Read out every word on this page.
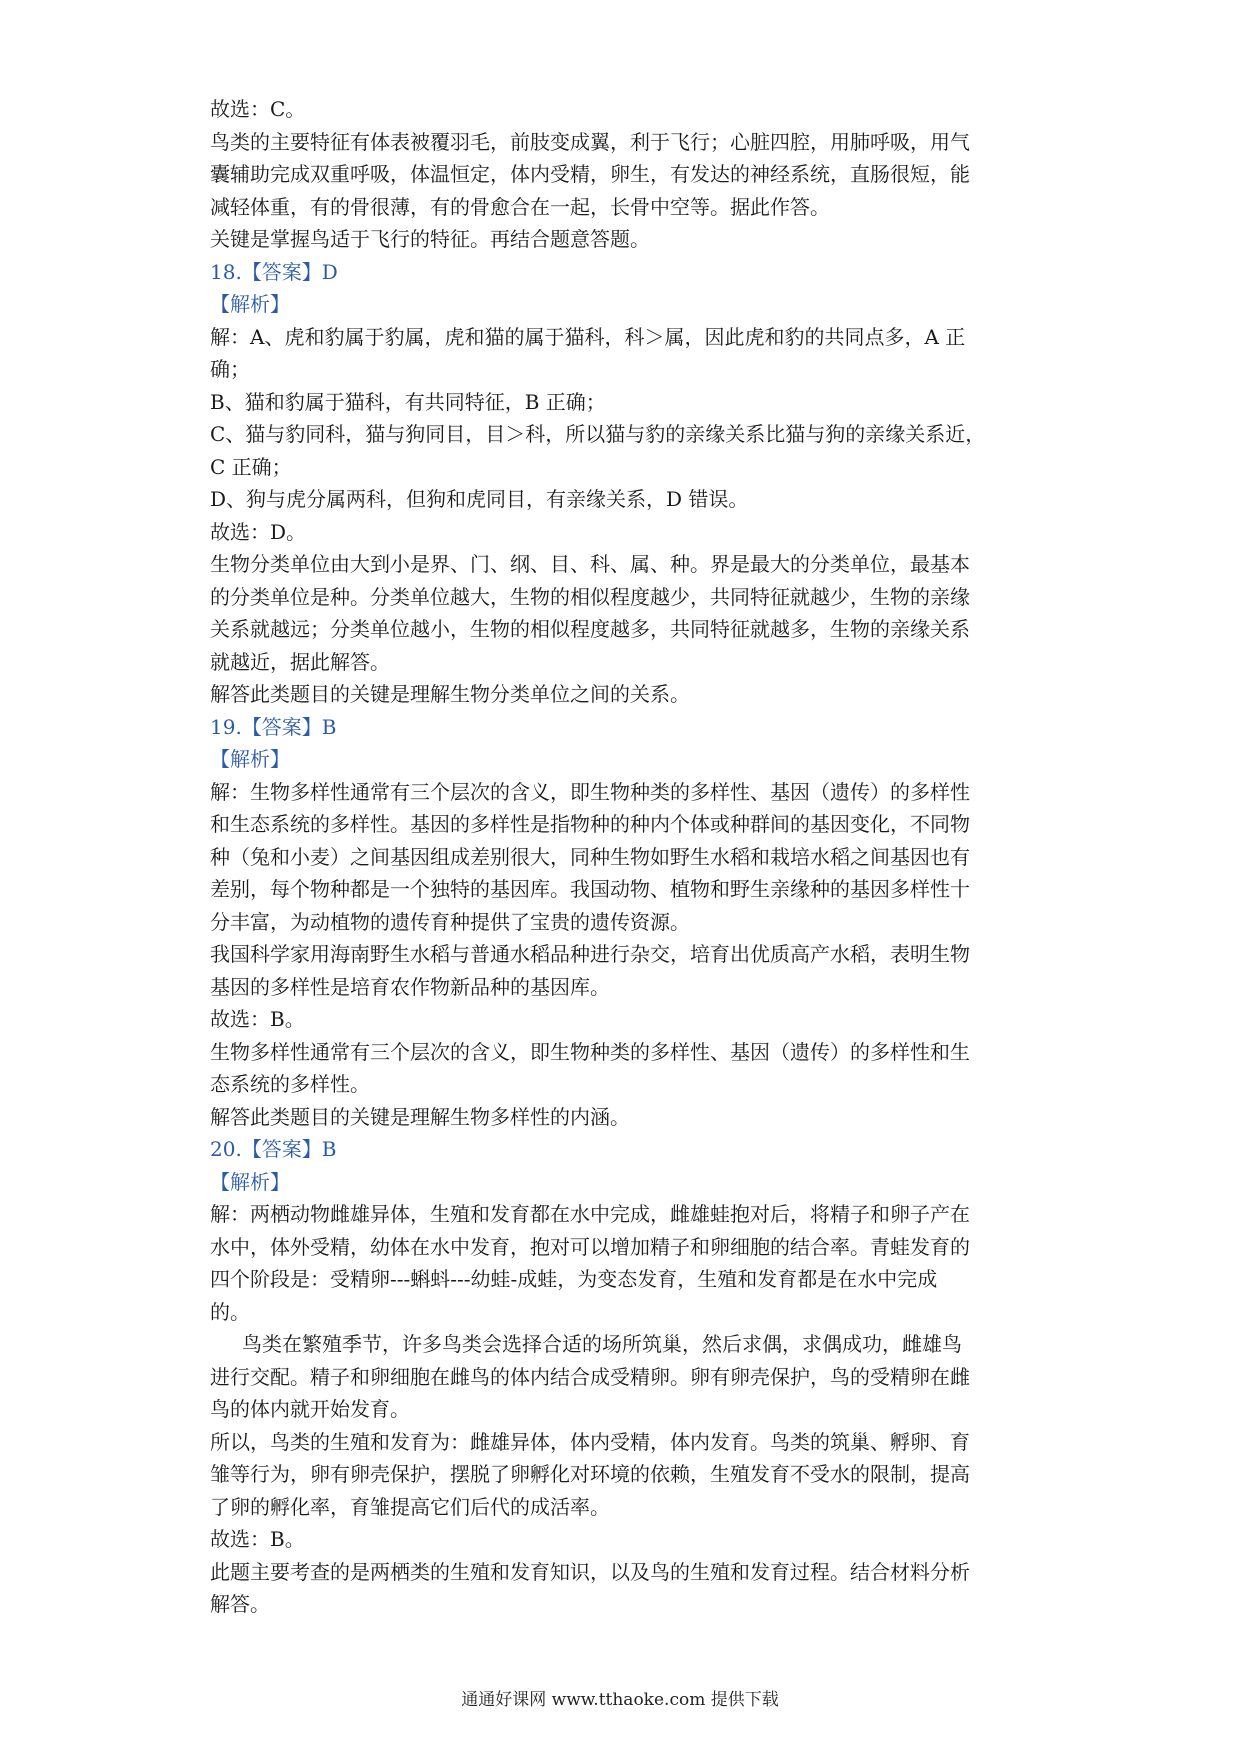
故选：C。
鸟类的主要特征有体表被覆羽毛，前肢变成翼，利于飞行；心脏四腔，用肺呼吸，用气
囊辅助完成双重呼吸，体温恒定，体内受精，卵生，有发达的神经系统，直肠很短，能
减轻体重，有的骨很薄，有的骨愈合在一起，长骨中空等。据此作答。
关键是掌握鸟适于飞行的特征。再结合题意答题。
18.【答案】D
【解析】
解：A、虎和豹属于豹属，虎和猫的属于猫科，科＞属，因此虎和豹的共同点多，A 正
确；
B、猫和豹属于猫科，有共同特征，B 正确；
C、猫与豹同科，猫与狗同目，目＞科，所以猫与豹的亲缘关系比猫与狗的亲缘关系近，
C 正确；
D、狗与虎分属两科，但狗和虎同目，有亲缘关系，D 错误。
故选：D。
生物分类单位由大到小是界、门、纲、目、科、属、种。界是最大的分类单位，最基本
的分类单位是种。分类单位越大，生物的相似程度越少，共同特征就越少，生物的亲缘
关系就越远；分类单位越小，生物的相似程度越多，共同特征就越多，生物的亲缘关系
就越近，据此解答。
解答此类题目的关键是理解生物分类单位之间的关系。
19.【答案】B
【解析】
解：生物多样性通常有三个层次的含义，即生物种类的多样性、基因（遗传）的多样性
和生态系统的多样性。基因的多样性是指物种的种内个体或种群间的基因变化，不同物
种（兔和小麦）之间基因组成差别很大，同种生物如野生水稻和栽培水稻之间基因也有
差别，每个物种都是一个独特的基因库。我国动物、植物和野生亲缘种的基因多样性十
分丰富，为动植物的遗传育种提供了宝贵的遗传资源。
我国科学家用海南野生水稻与普通水稻品种进行杂交，培育出优质高产水稻，表明生物
基因的多样性是培育农作物新品种的基因库。
故选：B。
生物多样性通常有三个层次的含义，即生物种类的多样性、基因（遗传）的多样性和生
态系统的多样性。
解答此类题目的关键是理解生物多样性的内涵。
20.【答案】B
【解析】
解：两栖动物雌雄异体，生殖和发育都在水中完成，雌雄蛙抱对后，将精子和卵子产在
水中，体外受精，幼体在水中发育，抱对可以增加精子和卵细胞的结合率。青蛙发育的
四个阶段是：受精卵---蝌蚪---幼蛙-成蛙，为变态发育，生殖和发育都是在水中完成
的。
鸟类在繁殖季节，许多鸟类会选择合适的场所筑巢，然后求偶，求偶成功，雌雄鸟
进行交配。精子和卵细胞在雌鸟的体内结合成受精卵。卵有卵壳保护，鸟的受精卵在雌
鸟的体内就开始发育。
所以，鸟类的生殖和发育为：雌雄异体，体内受精，体内发育。鸟类的筑巢、孵卵、育
雏等行为，卵有卵壳保护，摆脱了卵孵化对环境的依赖，生殖发育不受水的限制，提高
了卵的孵化率，育雏提高它们后代的成活率。
故选：B。
此题主要考查的是两栖类的生殖和发育知识，以及鸟的生殖和发育过程。结合材料分析
解答。
通通好课网 www.tthaoke.com 提供下载
